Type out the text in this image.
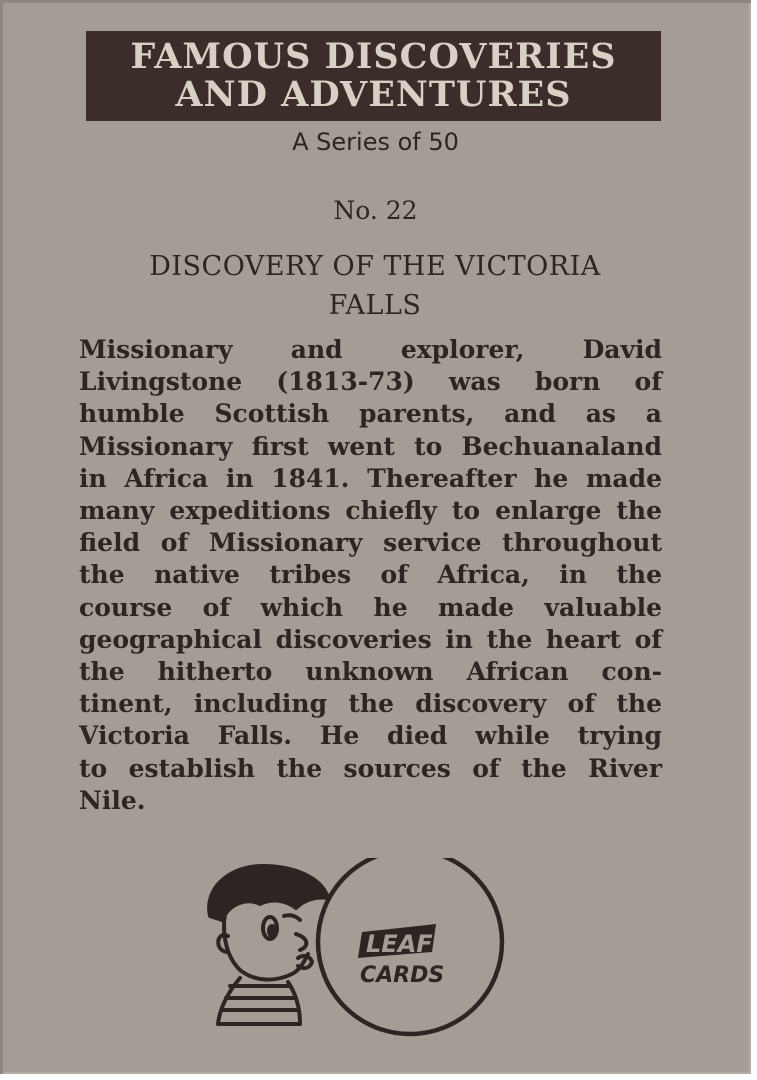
FAMOUS DISCOVERIES
AND ADVENTURES
A Series of 50
No. 22
DISCOVERY OF THE VICTORIA
FALLS
Missionary and explorer, David
Livingstone (1813-73) was born of
humble Scottish parents, and as a
Missionary first went to Bechuanaland
in Africa in 1841. Thereafter he made
many expeditions chiefly to enlarge the
field of Missionary service throughout
the native tribes of Africa, in the
course of which he made valuable
geographical discoveries in the heart of
the hitherto unknown African con-
tinent, including the discovery of the
Victoria Falls. He died while trying
to establish the sources of the River
Nile.
LEAF
CARDS
